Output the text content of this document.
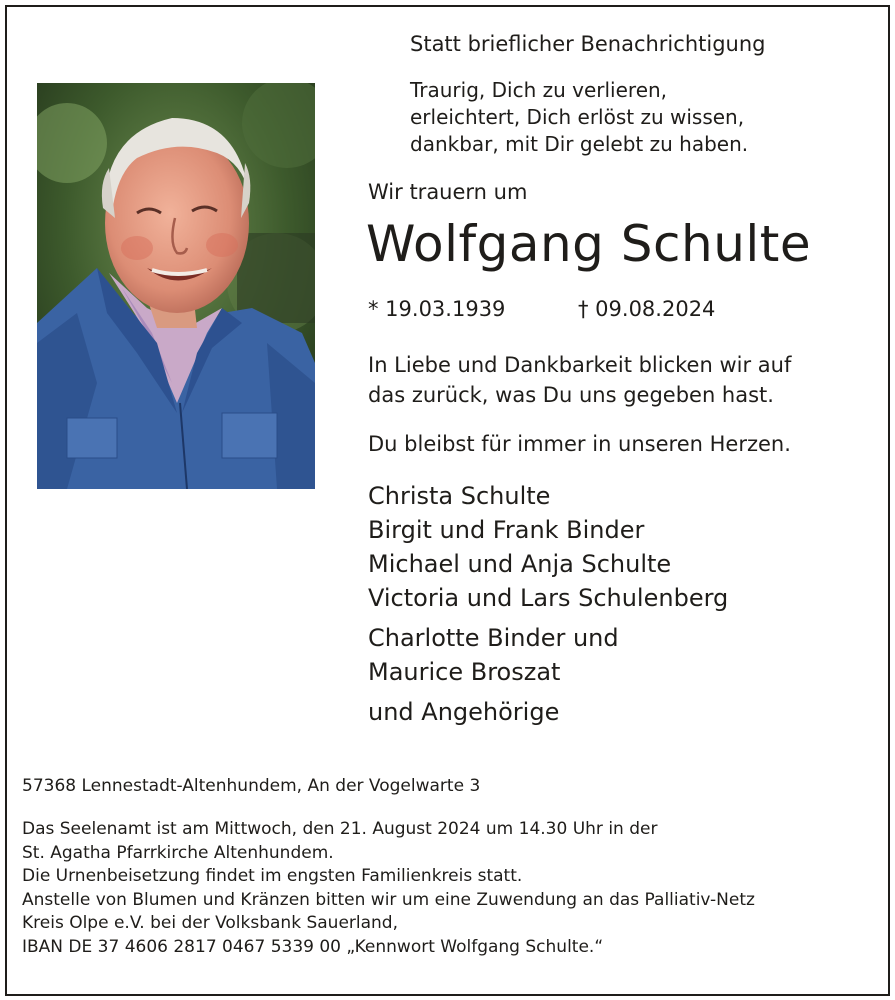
Statt brieflicher Benachrichtigung
Traurig, Dich zu verlieren,
erleichtert, Dich erlöst zu wissen,
dankbar, mit Dir gelebt zu haben.
Wir trauern um
Wolfgang Schulte
* 19.03.1939	† 09.08.2024
In Liebe und Dankbarkeit blicken wir auf
das zurück, was Du uns gegeben hast.
Du bleibst für immer in unseren Herzen.
Christa Schulte
Birgit und Frank Binder
Michael und Anja Schulte
Victoria und Lars Schulenberg
Charlotte Binder und
Maurice Broszat
und Angehörige
57368 Lennestadt-Altenhundem, An der Vogelwarte 3
Das Seelenamt ist am Mittwoch, den 21. August 2024 um 14.30 Uhr in der
St. Agatha Pfarrkirche Altenhundem.
Die Urnenbeisetzung findet im engsten Familienkreis statt.
Anstelle von Blumen und Kränzen bitten wir um eine Zuwendung an das Palliativ-Netz
Kreis Olpe e.V. bei der Volksbank Sauerland,
IBAN DE 37 4606 2817 0467 5339 00 „Kennwort Wolfgang Schulte.“
